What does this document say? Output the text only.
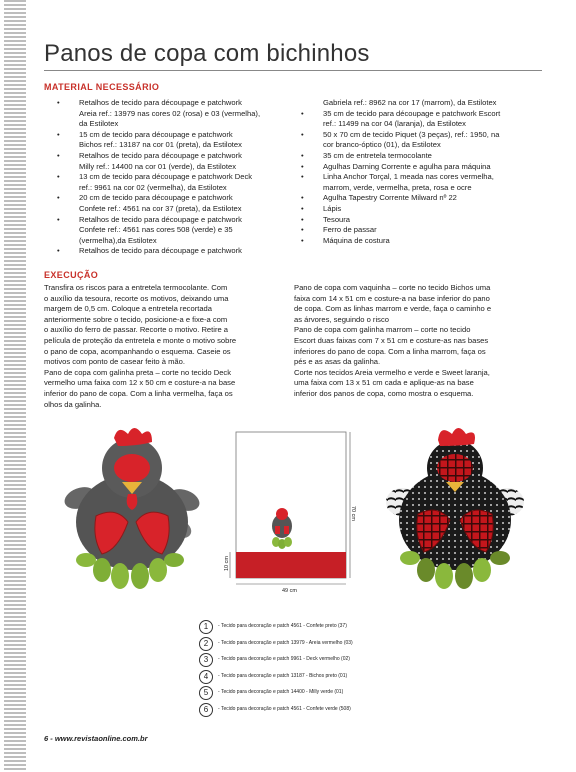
Panos de copa com bichinhos
MATERIAL NECESSÁRIO
• Retalhos de tecido para découpage e patchwork
Areia ref.: 13979 nas cores 02 (rosa) e 03 (vermelha),
da Estilotex
• 15 cm de tecido para découpage e patchwork
Bichos ref.: 13187 na cor 01 (preta), da Estilotex
• Retalhos de tecido para découpage e patchwork
Milly ref.: 14400 na cor 01 (verde), da Estilotex
• 13 cm de tecido para découpage e patchwork Deck
ref.: 9961 na cor 02 (vermelha), da Estilotex
• 20 cm de tecido para découpage e patchwork
Confete ref.: 4561 na cor 37 (preta), da Estilotex
• Retalhos de tecido para découpage e patchwork
Confete ref.: 4561 nas cores 508 (verde) e 35
(vermelha),da Estilotex
• Retalhos de tecido para découpage e patchwork
Gabriela ref.: 8962 na cor 17 (marrom), da Estilotex
• 35 cm de tecido para découpage e patchwork Escort
ref.: 11499 na cor 04 (laranja), da Estilotex
• 50 x 70 cm de tecido Piquet (3 peças), ref.: 1950, na
cor branco-óptico (01), da Estilotex
• 35 cm de entretela termocolante
• Agulhas Darning Corrente e agulha para máquina
• Linha Anchor Torçal, 1 meada nas cores vermelha,
marrom, verde, vermelha, preta, rosa e ocre
• Agulha Tapestry Corrente Milward nº 22
• Lápis
• Tesoura
• Ferro de passar
• Máquina de costura
EXECUÇÃO

Transfira os riscos para a entretela termocolante. Com

o auxílio da tesoura, recorte os motivos, deixando uma

margem de 0,5 cm. Coloque a entretela recortada

anteriormente sobre o tecido, posicione-a e fixe-a com

o auxílio do ferro de passar. Recorte o motivo. Retire a

película de proteção da entretela e monte o motivo sobre

o pano de copa, acompanhando o esquema. Caseie os

motivos com ponto de casear feito à mão.

Pano de copa com galinha preta – corte no tecido Deck

vermelho uma faixa com 12 x 50 cm e costure-a na base

inferior do pano de copa. Com a linha vermelha, faça os

olhos da galinha.

Pano de copa com vaquinha – corte no tecido Bichos uma

faixa com 14 x 51 cm e costure-a na base inferior do pano

de copa. Com as linhas marrom e verde, faça o caminho e

as árvores, seguindo o risco

Pano de copa com galinha marrom – corte no tecido

Escort duas faixas com 7 x 51 cm e costure-as nas bases

inferiores do pano de copa. Com a linha marrom, faça os

pés e as asas da galinha.

Corte nos tecidos Areia vermelho e verde e Sweet laranja,

uma faixa com 13 x 51 cm cada e aplique-as na base

inferior dos panos de copa, como mostra o esquema.

70 cm
49 cm
10 cm
1	- Tecido para decoração e patch 4561 - Confete preto (37)
2	- Tecido para decoração e patch 13979 - Areia vermelho (03)
3	- Tecido para decoração e patch 9961 - Deck vermelho (02)
4	- Tecido para decoração e patch 13187 - Bichos preto (01)
5	- Tecido para decoração e patch 14400 - Milly verde (01)
6	- Tecido para decoração e patch 4561 - Confete verde (508)
6 - www.revistaonline.com.br
